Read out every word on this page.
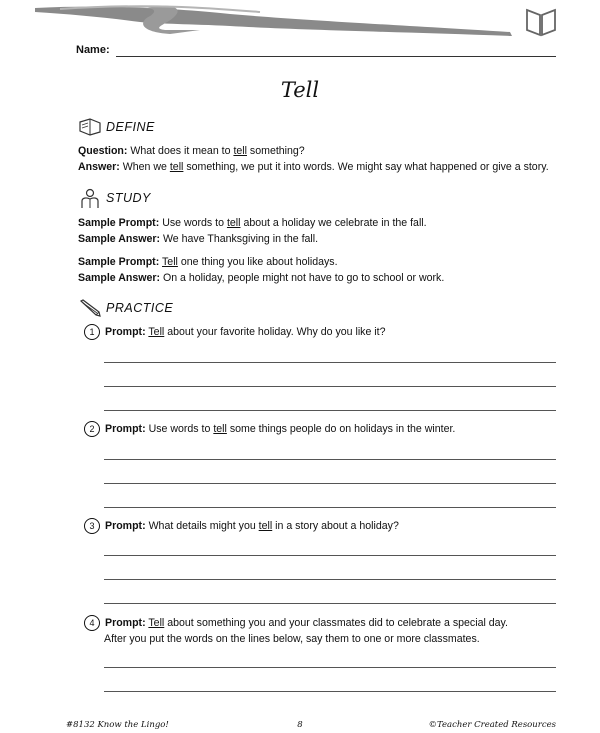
Name:
Tell
DEFINE
Question: What does it mean to tell something?
Answer: When we tell something, we put it into words. We might say what happened or give a story.
STUDY
Sample Prompt: Use words to tell about a holiday we celebrate in the fall.
Sample Answer: We have Thanksgiving in the fall.
Sample Prompt: Tell one thing you like about holidays.
Sample Answer: On a holiday, people might not have to go to school or work.
PRACTICE
1 Prompt: Tell about your favorite holiday. Why do you like it?
2 Prompt: Use words to tell some things people do on holidays in the winter.
3 Prompt: What details might you tell in a story about a holiday?
4 Prompt: Tell about something you and your classmates did to celebrate a special day.
After you put the words on the lines below, say them to one or more classmates.
#8132 Know the Lingo!	8	©Teacher Created Resources
